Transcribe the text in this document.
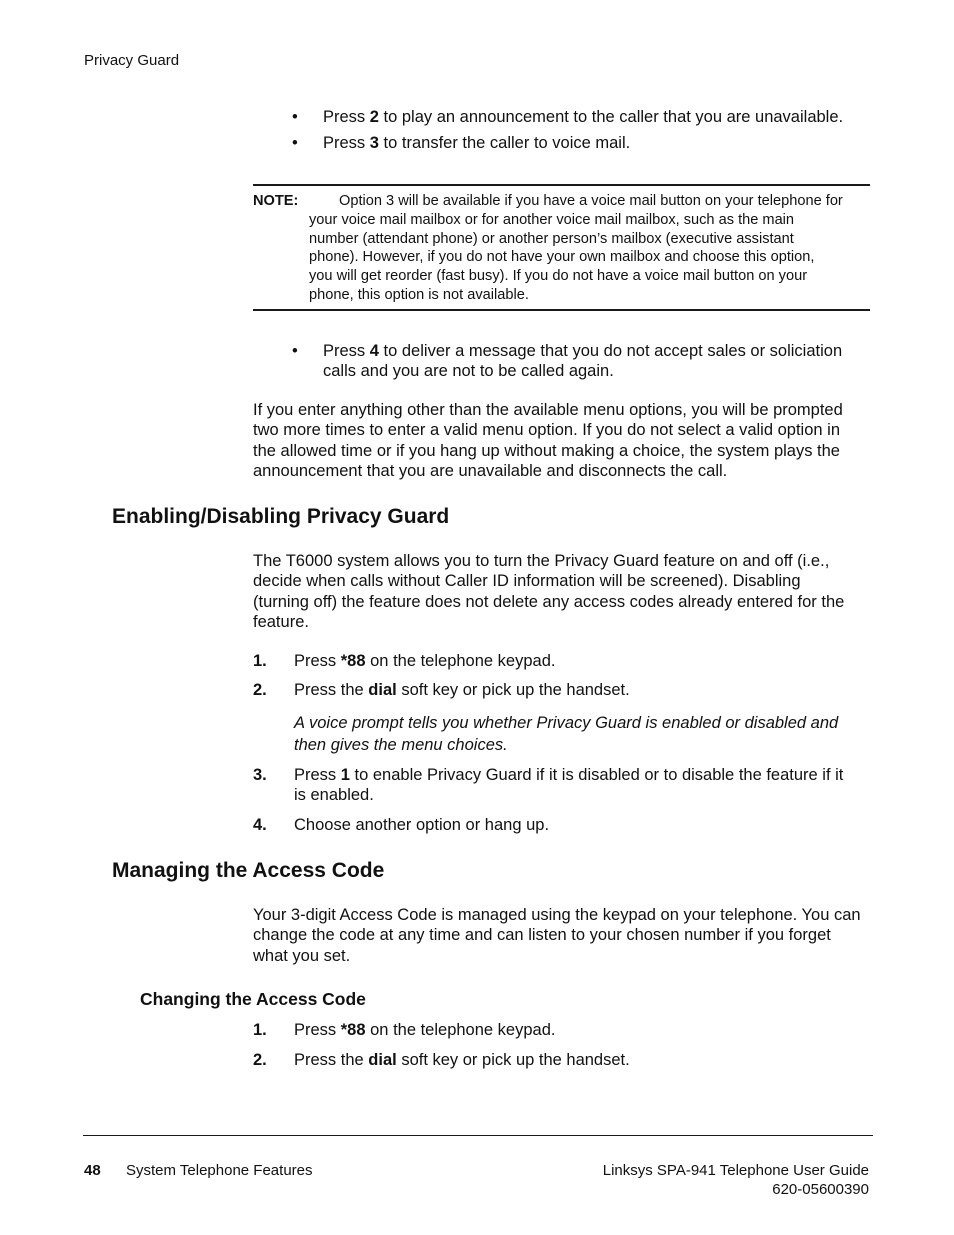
Privacy Guard
• Press 2 to play an announcement to the caller that you are unavailable.
• Press 3 to transfer the caller to voice mail.
NOTE:	Option 3 will be available if you have a voice mail button on your telephone for
your voice mail mailbox or for another voice mail mailbox, such as the main
number (attendant phone) or another person’s mailbox (executive assistant
phone). However, if you do not have your own mailbox and choose this option,
you will get reorder (fast busy). If you do not have a voice mail button on your
phone, this option is not available.
• Press 4 to deliver a message that you do not accept sales or soliciation
calls and you are not to be called again.
If you enter anything other than the available menu options, you will be prompted
two more times to enter a valid menu option. If you do not select a valid option in
the allowed time or if you hang up without making a choice, the system plays the
announcement that you are unavailable and disconnects the call.
Enabling/Disabling Privacy Guard
The T6000 system allows you to turn the Privacy Guard feature on and off (i.e.,
decide when calls without Caller ID information will be screened). Disabling
(turning off) the feature does not delete any access codes already entered for the
feature.
1. Press *88 on the telephone keypad.
2. Press the dial soft key or pick up the handset.
A voice prompt tells you whether Privacy Guard is enabled or disabled and
then gives the menu choices.
3. Press 1 to enable Privacy Guard if it is disabled or to disable the feature if it
is enabled.
4. Choose another option or hang up.
Managing the Access Code
Your 3-digit Access Code is managed using the keypad on your telephone. You can
change the code at any time and can listen to your chosen number if you forget
what you set.
Changing the Access Code
1. Press *88 on the telephone keypad.
2. Press the dial soft key or pick up the handset.
48 System Telephone Features	Linksys SPA-941 Telephone User Guide
620-05600390
